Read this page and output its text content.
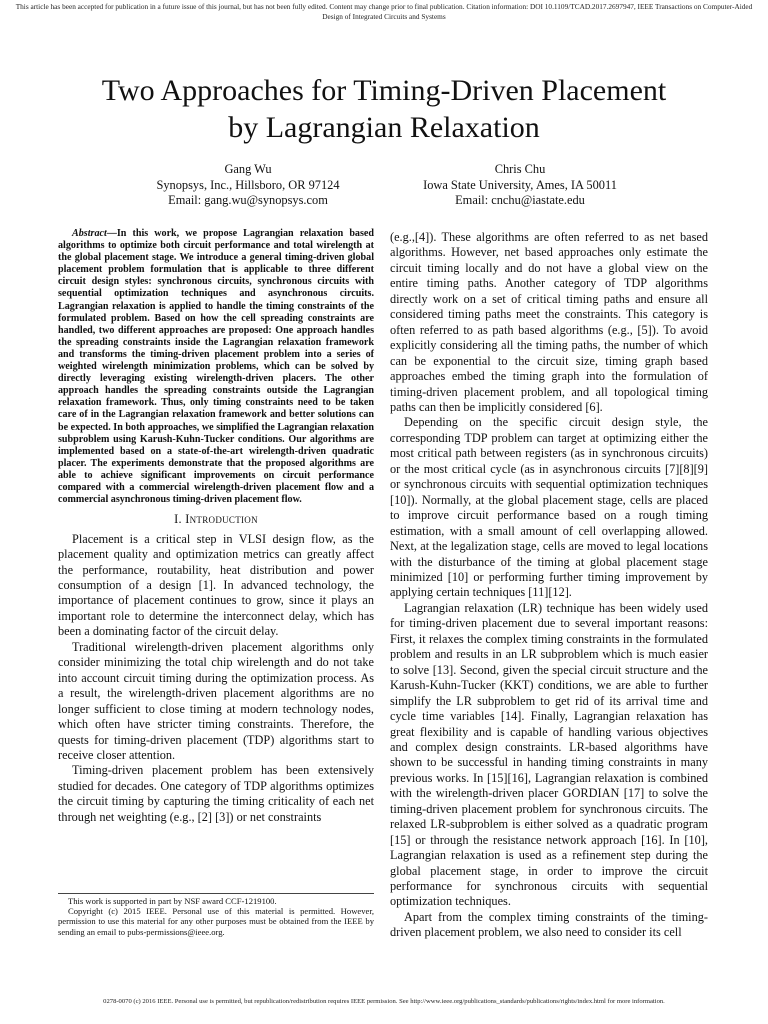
This article has been accepted for publication in a future issue of this journal, but has not been fully edited. Content may change prior to final publication. Citation information: DOI 10.1109/TCAD.2017.2697947, IEEE Transactions on Computer-Aided Design of Integrated Circuits and Systems
Two Approaches for Timing-Driven Placement
by Lagrangian Relaxation
Gang Wu
Synopsys, Inc., Hillsboro, OR 97124
Email: gang.wu@synopsys.com
Chris Chu
Iowa State University, Ames, IA 50011
Email: cnchu@iastate.edu

Abstract—In this work, we propose Lagrangian relaxation based algorithms to optimize both circuit performance and total wirelength at the global placement stage. We introduce a general timing-driven global placement problem formulation that is applicable to three different circuit design styles: synchronous circuits, synchronous circuits with sequential optimization techniques and asynchronous circuits. Lagrangian relaxation is applied to handle the timing constraints of the formulated problem. Based on how the cell spreading constraints are handled, two different approaches are proposed: One approach handles the spreading constraints inside the Lagrangian relaxation framework and transforms the timing-driven placement problem into a series of weighted wirelength minimization problems, which can be solved by directly leveraging existing wirelength-driven placers. The other approach handles the spreading constraints outside the Lagrangian relaxation framework. Thus, only timing constraints need to be taken care of in the Lagrangian relaxation framework and better solutions can be expected. In both approaches, we simplified the Lagrangian relaxation subproblem using Karush-Kuhn-Tucker conditions. Our algorithms are implemented based on a state-of-the-art wirelength-driven quadratic placer. The experiments demonstrate that the proposed algorithms are able to achieve significant improvements on circuit performance compared with a commercial wirelength-driven placement flow and a commercial asynchronous timing-driven placement flow.

I. Introduction

Placement is a critical step in VLSI design flow, as the placement quality and optimization metrics can greatly affect the performance, routability, heat distribution and power consumption of a design [1]. In advanced technology, the importance of placement continues to grow, since it plays an important role to determine the interconnect delay, which has been a dominating factor of the circuit delay.

Traditional wirelength-driven placement algorithms only consider minimizing the total chip wirelength and do not take into account circuit timing during the optimization process. As a result, the wirelength-driven placement algorithms are no longer sufficient to close timing at modern technology nodes, which often have stricter timing constraints. Therefore, the quests for timing-driven placement (TDP) algorithms start to receive closer attention.

Timing-driven placement problem has been extensively studied for decades. One category of TDP algorithms optimizes the circuit timing by capturing the timing criticality of each net through net weighting (e.g., [2] [3]) or net constraints

This work is supported in part by NSF award CCF-1219100.

Copyright (c) 2015 IEEE. Personal use of this material is permitted. However, permission to use this material for any other purposes must be obtained from the IEEE by sending an email to pubs-permissions@ieee.org.

(e.g.,[4]). These algorithms are often referred to as net based algorithms. However, net based approaches only estimate the circuit timing locally and do not have a global view on the entire timing paths. Another category of TDP algorithms directly work on a set of critical timing paths and ensure all considered timing paths meet the constraints. This category is often referred to as path based algorithms (e.g., [5]). To avoid explicitly considering all the timing paths, the number of which can be exponential to the circuit size, timing graph based approaches embed the timing graph into the formulation of timing-driven placement problem, and all topological timing paths can then be implicitly considered [6].

Depending on the specific circuit design style, the corresponding TDP problem can target at optimizing either the most critical path between registers (as in synchronous circuits) or the most critical cycle (as in asynchronous circuits [7][8][9] or synchronous circuits with sequential optimization techniques [10]). Normally, at the global placement stage, cells are placed to improve circuit performance based on a rough timing estimation, with a small amount of cell overlapping allowed. Next, at the legalization stage, cells are moved to legal locations with the disturbance of the timing at global placement stage minimized [10] or performing further timing improvement by applying certain techniques [11][12].

Lagrangian relaxation (LR) technique has been widely used for timing-driven placement due to several important reasons: First, it relaxes the complex timing constraints in the formulated problem and results in an LR subproblem which is much easier to solve [13]. Second, given the special circuit structure and the Karush-Kuhn-Tucker (KKT) conditions, we are able to further simplify the LR subproblem to get rid of its arrival time and cycle time variables [14]. Finally, Lagrangian relaxation has great flexibility and is capable of handling various objectives and complex design constraints. LR-based algorithms have shown to be successful in handing timing constraints in many previous works. In [15][16], Lagrangian relaxation is combined with the wirelength-driven placer GORDIAN [17] to solve the timing-driven placement problem for synchronous circuits. The relaxed LR-subproblem is either solved as a quadratic program [15] or through the resistance network approach [16]. In [10], Lagrangian relaxation is used as a refinement step during the global placement stage, in order to improve the circuit performance for synchronous circuits with sequential optimization techniques.

Apart from the complex timing constraints of the timing-driven placement problem, we also need to consider its cell

0278-0070 (c) 2016 IEEE. Personal use is permitted, but republication/redistribution requires IEEE permission. See http://www.ieee.org/publications_standards/publications/rights/index.html for more information.
